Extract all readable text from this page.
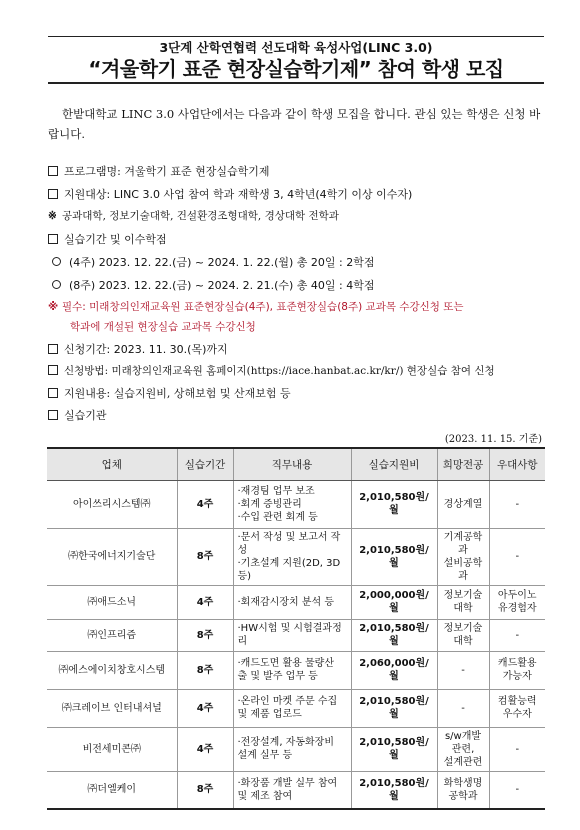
3단계 산학연협력 선도대학 육성사업(LINC 3.0)
“겨울학기 표준 현장실습학기제” 참여 학생 모집

한밭대학교 LINC 3.0 사업단에서는 다음과 같이 학생 모집을 합니다. 관심 있는 학생은 신청 바랍니다.

프로그램명: 겨울학기 표준 현장실습학기제
지원대상: LINC 3.0 사업 참여 학과 재학생 3, 4학년(4학기 이상 이수자)
※ 공과대학, 정보기술대학, 건설환경조형대학, 경상대학 전학과
실습기간 및 이수학점
(4주) 2023. 12. 22.(금) ~ 2024. 1. 22.(월) 총 20일 : 2학점
(8주) 2023. 12. 22.(금) ~ 2024. 2. 21.(수) 총 40일 : 4학점
※ 필수: 미래창의인재교육원 표준현장실습(4주), 표준현장실습(8주) 교과목 수강신청 또는
학과에 개설된 현장실습 교과목 수강신청
신청기간: 2023. 11. 30.(목)까지
신청방법: 미래창의인재교육원 홈페이지(https://iace.hanbat.ac.kr/kr/) 현장실습 참여 신청
지원내용: 실습지원비, 상해보험 및 산재보험 등
실습기관
(2023. 11. 15. 기준)
업체	실습기간	직무내용	실습지원비	희망전공	우대사항
아이쓰리시스템㈜	4주	·재경팀 업무 보조
·회계 증빙관리
·수입 관련 회계 등	2,010,580원/월	경상계열	-
㈜한국에너지기술단	8주	·문서 작성 및 보고서 작성
·기초설계 지원(2D, 3D등)	2,010,580원/월	기계공학과
설비공학과	-
㈜애드소닉	4주	·회재감시장치 분석 등	2,000,000원/월	정보기술
대학	아두이노
유경험자
㈜인프리즘	8주	·HW시험 및 시험결과정리	2,010,580원/월	정보기술
대학	-
㈜에스에이치창호시스템	8주	·캐드도면 활용 물량산
출 및 발주 업무 등	2,060,000원/월	-	캐드활용
가능자
㈜크레이브 인터내셔널	4주	·온라인 마켓 주문 수집
및 제품 업로드	2,010,580원/월	-	컴활능력
우수자
비전세미콘㈜	4주	·전장설계, 자동화장비
설계 실무 등	2,010,580원/월	s/w개발
관련,
설계관련	-
㈜더엘케이	8주	·화장품 개발 실무 참여
및 제조 참여	2,010,580원/월	화학생명
공학과	-
